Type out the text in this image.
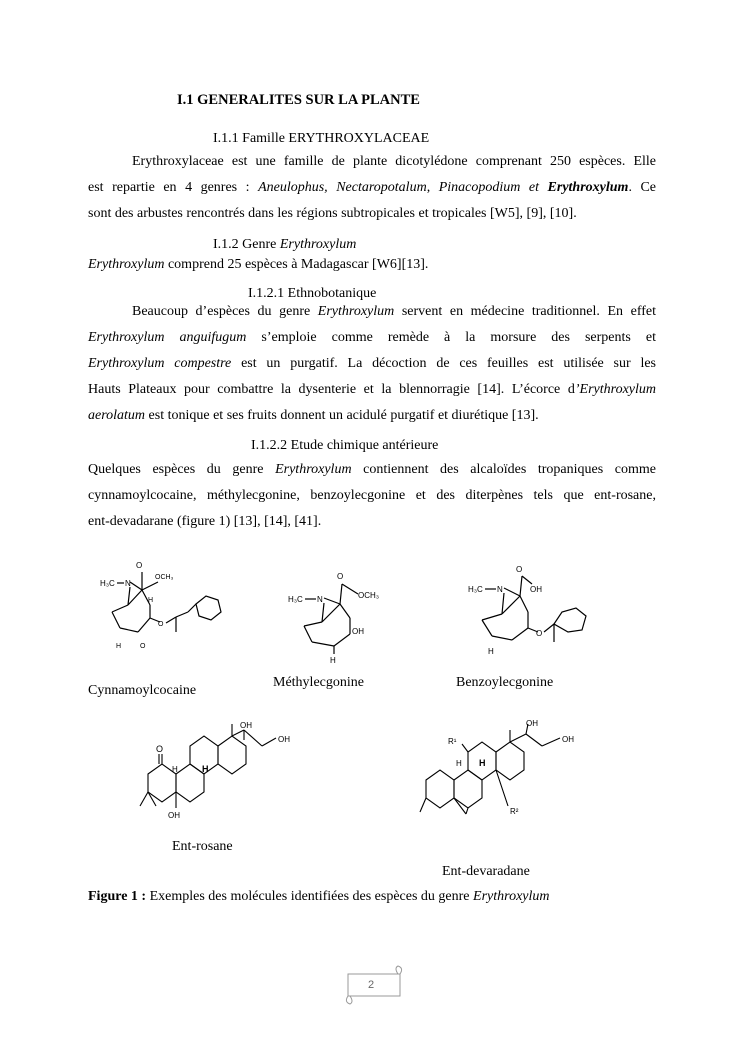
I.1 GENERALITES SUR LA PLANTE
I.1.1 Famille ERYTHROXYLACEAE
Erythroxylaceae est une famille de plante dicotylédone comprenant 250 espèces. Elle
est repartie en 4 genres : Aneulophus, Nectaropotalum, Pinacopodium et Erythroxylum. Ce
sont des arbustes rencontrés dans les régions subtropicales et tropicales [W5], [9], [10].
I.1.2 Genre Erythroxylum
Erythroxylum comprend 25 espèces à Madagascar [W6][13].
I.1.2.1 Ethnobotanique
Beaucoup d’espèces du genre Erythroxylum servent en médecine traditionnel. En effet
Erythroxylum anguifugum s’emploie comme remède à la morsure des serpents et
Erythroxylum compestre est un purgatif. La décoction de ces feuilles est utilisée sur les
Hauts Plateaux pour combattre la dysenterie et la blennorragie [14]. L’écorce d’Erythroxylum
aerolatum est tonique et ses fruits donnent un acidulé purgatif et diurétique [13].
I.1.2.2 Etude chimique antérieure
Quelques espèces du genre Erythroxylum contiennent des alcaloïdes tropaniques comme
cynnamoylcocaine, méthylecgonine, benzoylecgonine et des diterpènes tels que ent-rosane,
ent-devadarane (figure 1) [13], [14], [41].
H₃C N
O
OCH₃
H
O
H	O
H₃C N
O
OCH₃
OH
H
H₃C N
O
OH
O
H
Cynnamoylcocaine
Méthylecgonine	Benzoylecgonine
O
OH
OH
H	H
OH
R¹
OH
OH
H H
R²
Ent-rosane
Ent-devaradane
Figure 1 : Exemples des molécules identifiées des espèces du genre Erythroxylum
2
